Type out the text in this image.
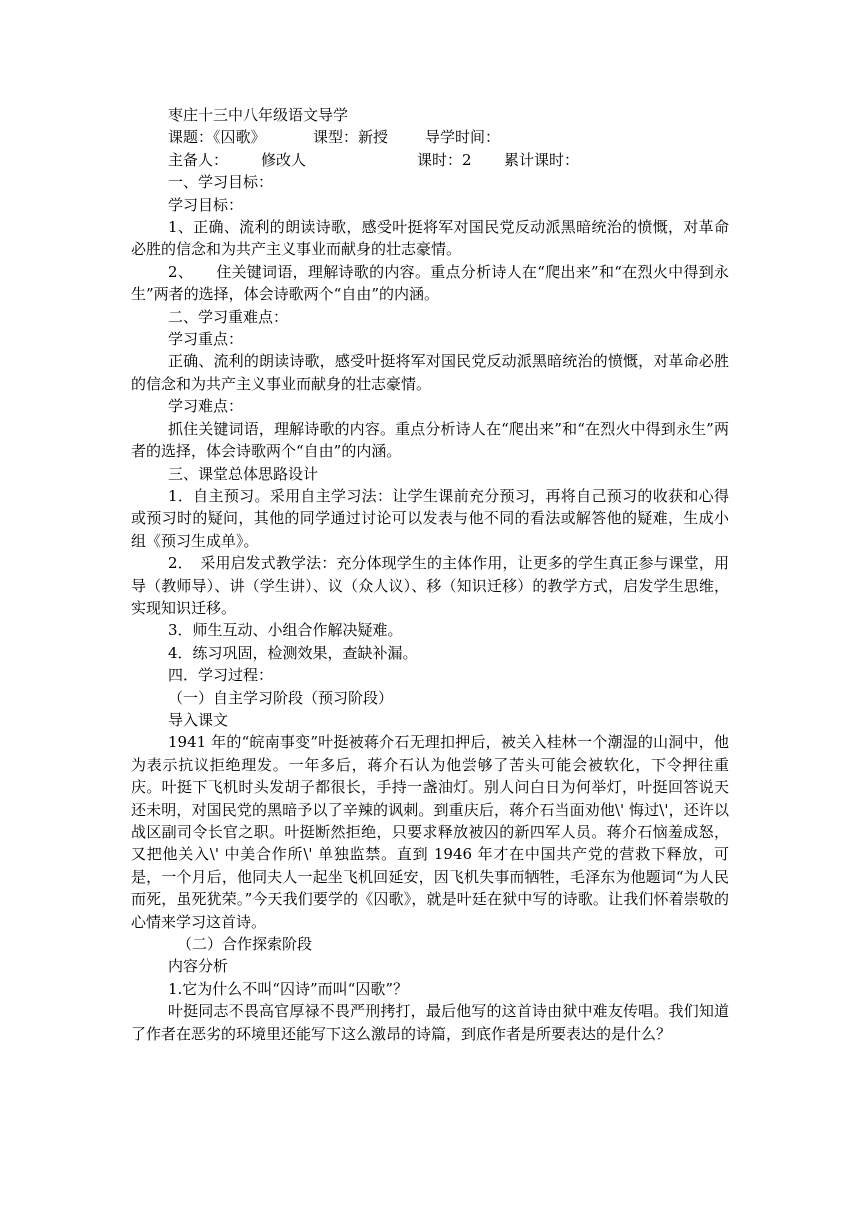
枣庄十三中八年级语文导学

课题：《囚歌》	课型：新授 导学时间：

主备人： 修改人	课时：2 累计课时：

一、学习目标：

学习目标：

1、正确、流利的朗读诗歌，感受叶挺将军对国民党反动派黑暗统治的愤慨，对革命必胜的信念和为共产主义事业而献身的壮志豪情。

2、　　住关键词语，理解诗歌的内容。重点分析诗人在“爬出来”和“在烈火中得到永生”两者的选择，体会诗歌两个“自由”的内涵。

二、学习重难点：

学习重点：

正确、流利的朗读诗歌，感受叶挺将军对国民党反动派黑暗统治的愤慨，对革命必胜的信念和为共产主义事业而献身的壮志豪情。

学习难点：

抓住关键词语，理解诗歌的内容。重点分析诗人在“爬出来”和“在烈火中得到永生”两者的选择，体会诗歌两个“自由”的内涵。

三、课堂总体思路设计

1．自主预习。采用自主学习法：让学生课前充分预习，再将自己预习的收获和心得或预习时的疑问，其他的同学通过讨论可以发表与他不同的看法或解答他的疑难，生成小组《预习生成单》。

2．　采用启发式教学法：充分体现学生的主体作用，让更多的学生真正参与课堂，用导（教师导）、讲（学生讲）、议（众人议）、移（知识迁移）的教学方式，启发学生思维，实现知识迁移。

3．师生互动、小组合作解决疑难。

4．练习巩固，检测效果，查缺补漏。

四．学习过程：

（一）自主学习阶段（预习阶段）

导入课文

1941 年的“皖南事变”叶挺被蒋介石无理扣押后，被关入桂林一个潮湿的山洞中，他为表示抗议拒绝理发。一年多后，蒋介石认为他尝够了苦头可能会被软化，下令押往重庆。叶挺下飞机时头发胡子都很长，手持一盏油灯。别人问白日为何举灯，叶挺回答说天还未明，对国民党的黑暗予以了辛辣的讽刺。到重庆后，蒋介石当面劝他\' 悔过\'，还许以战区副司令长官之职。叶挺断然拒绝，只要求释放被囚的新四军人员。蒋介石恼羞成怒，又把他关入\' 中美合作所\' 单独监禁。直到 1946 年才在中国共产党的营救下释放，可是，一个月后，他同夫人一起坐飞机回延安，因飞机失事而牺牲，毛泽东为他题词“为人民而死，虽死犹荣。”今天我们要学的《囚歌》，就是叶廷在狱中写的诗歌。让我们怀着崇敬的心情来学习这首诗。

（二）合作探索阶段

内容分析

1.它为什么不叫“囚诗”而叫“囚歌”？

叶挺同志不畏高官厚禄不畏严刑拷打，最后他写的这首诗由狱中难友传唱。我们知道了作者在恶劣的环境里还能写下这么激昂的诗篇，到底作者是所要表达的是什么？
